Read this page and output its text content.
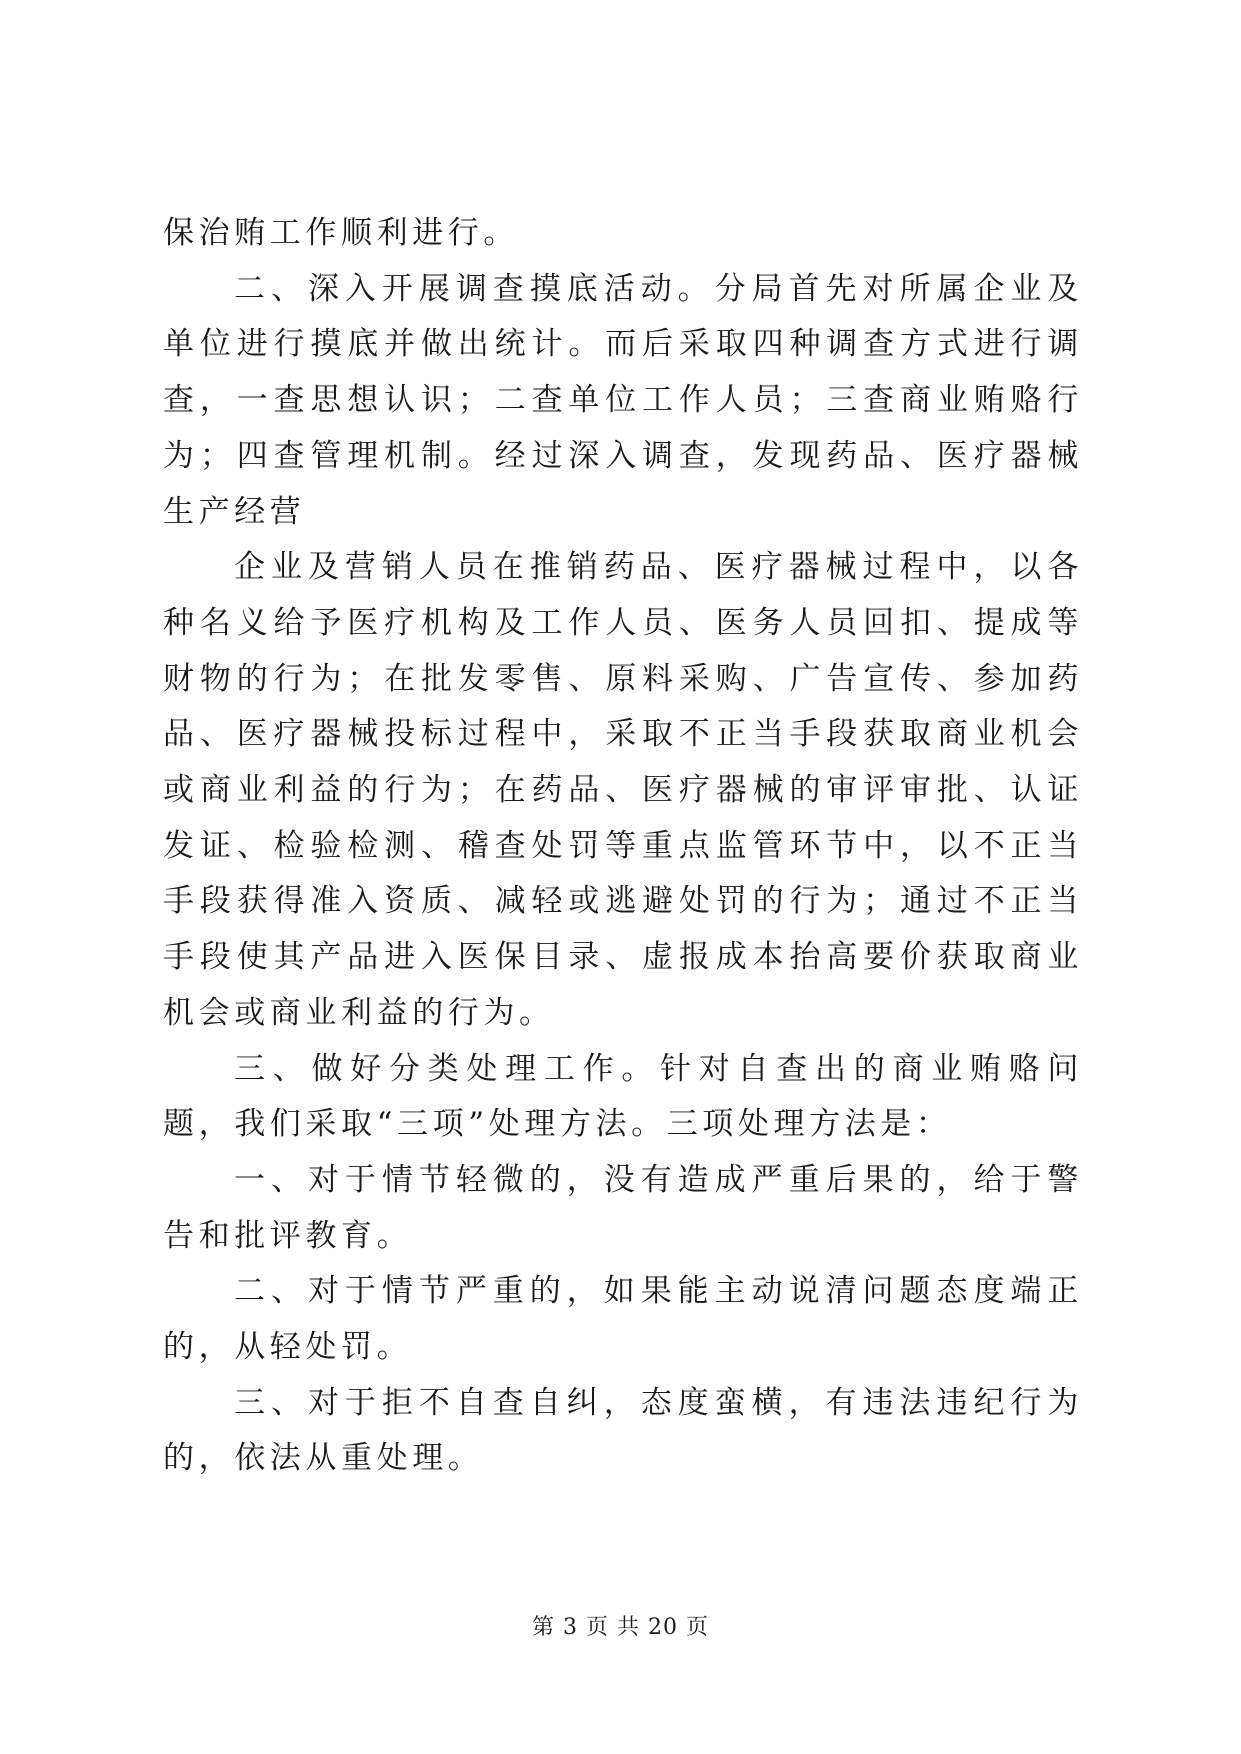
保治贿工作顺利进行。

二、深入开展调查摸底活动。分局首先对所属企业及单位进行摸底并做出统计。而后采取四种调查方式进行调查，一查思想认识；二查单位工作人员；三查商业贿赂行为；四查管理机制。经过深入调查，发现药品、医疗器械生产经营

企业及营销人员在推销药品、医疗器械过程中，以各种名义给予医疗机构及工作人员、医务人员回扣、提成等财物的行为；在批发零售、原料采购、广告宣传、参加药品、医疗器械投标过程中，采取不正当手段获取商业机会或商业利益的行为；在药品、医疗器械的审评审批、认证发证、检验检测、稽查处罚等重点监管环节中，以不正当手段获得准入资质、减轻或逃避处罚的行为；通过不正当手段使其产品进入医保目录、虚报成本抬高要价获取商业机会或商业利益的行为。

三、做好分类处理工作。针对自查出的商业贿赂问题，我们采取“三项”处理方法。三项处理方法是：

一、对于情节轻微的，没有造成严重后果的，给于警告和批评教育。

二、对于情节严重的，如果能主动说清问题态度端正的，从轻处罚。

三、对于拒不自查自纠，态度蛮横，有违法违纪行为的，依法从重处理。

第 3 页 共 20 页
